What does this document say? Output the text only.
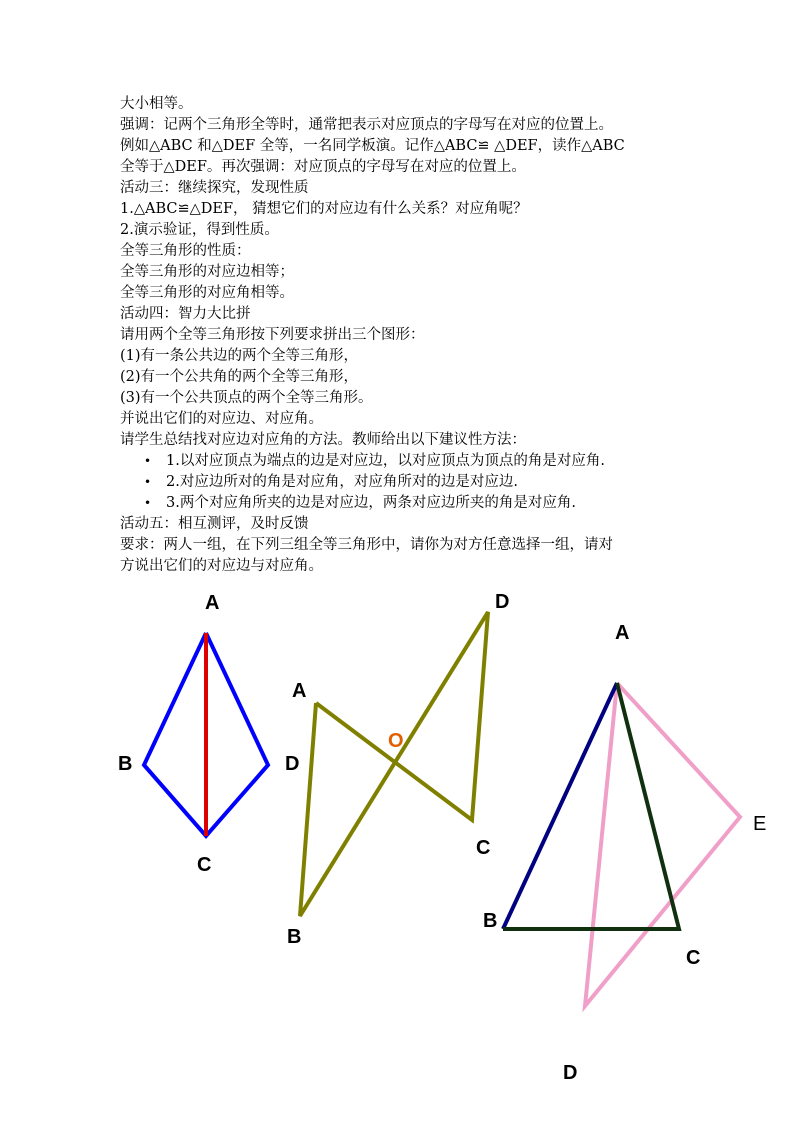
大小相等。
强调：记两个三角形全等时，通常把表示对应顶点的字母写在对应的位置上。
例如△ABC 和△DEF 全等，一名同学板演。记作△ABC≌ △DEF，读作△ABC
全等于△DEF。再次强调：对应顶点的字母写在对应的位置上。
活动三：继续探究，发现性质
1.△ABC≌△DEF， 猜想它们的对应边有什么关系？对应角呢？
2.演示验证，得到性质。
全等三角形的性质：
全等三角形的对应边相等；
全等三角形的对应角相等。
活动四：智力大比拼
请用两个全等三角形按下列要求拼出三个图形：
(1)有一条公共边的两个全等三角形，
(2)有一个公共角的两个全等三角形，
(3)有一个公共顶点的两个全等三角形。
并说出它们的对应边、对应角。
请学生总结找对应边对应角的方法。教师给出以下建议性方法：
• 1.以对应顶点为端点的边是对应边，以对应顶点为顶点的角是对应角.
• 2.对应边所对的角是对应角，对应角所对的边是对应边.
• 3.两个对应角所夹的边是对应边，两条对应边所夹的角是对应角.
活动五：相互测评，及时反馈
要求：两人一组，在下列三组全等三角形中，请你为对方任意选择一组，请对
方说出它们的对应边与对应角。
A
B	D
C
A
D
C
B
O
A
E
B
C
D
